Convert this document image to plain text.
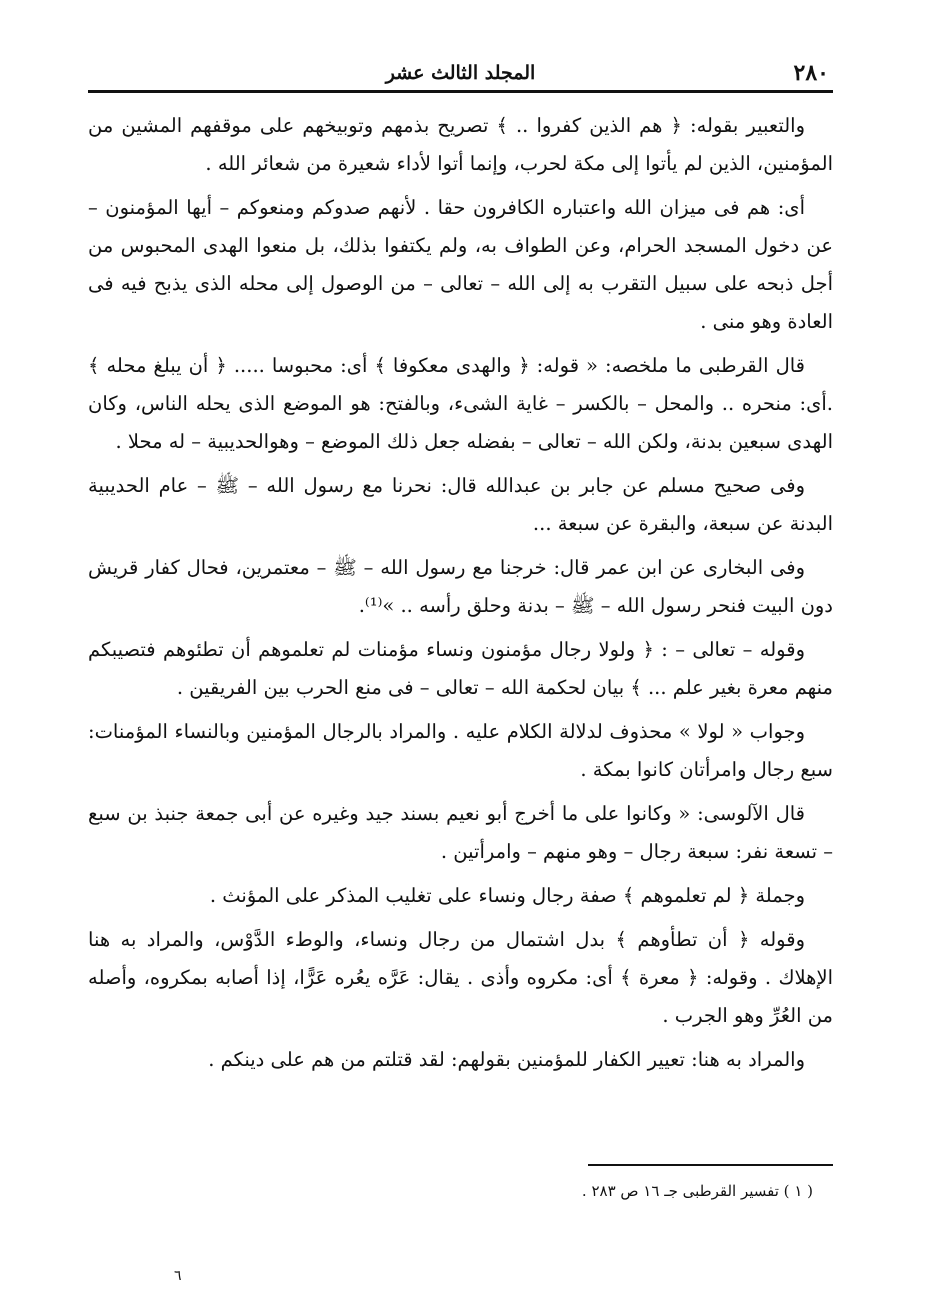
٢٨٠
المجلد الثالث عشر

والتعبير بقوله: ﴿ هم الذين كفروا .. ﴾ تصريح بذمهم وتوبيخهم على موقفهم المشين من المؤمنين، الذين لم يأتوا إلى مكة لحرب، وإنما أتوا لأداء شعيرة من شعائر الله .

أى: هم فى ميزان الله واعتباره الكافرون حقا . لأنهم صدوكم ومنعوكم – أيها المؤمنون – عن دخول المسجد الحرام، وعن الطواف به، ولم يكتفوا بذلك، بل منعوا الهدى المحبوس من أجل ذبحه على سبيل التقرب به إلى الله – تعالى – من الوصول إلى محله الذى يذبح فيه فى العادة وهو منى .

قال القرطبى ما ملخصه: « قوله: ﴿ والهدى معكوفا ﴾ أى: محبوسا ..... ﴿ أن يبلغ محله ﴾ .أى: منحره .. والمحل – بالكسر – غاية الشىء، وبالفتح: هو الموضع الذى يحله الناس، وكان الهدى سبعين بدنة، ولكن الله – تعالى – بفضله جعل ذلك الموضع – وهوالحديبية – له محلا .

وفى صحيح مسلم عن جابر بن عبدالله قال: نحرنا مع رسول الله – ﷺ – عام الحديبية البدنة عن سبعة، والبقرة عن سبعة ...

وفى البخارى عن ابن عمر قال: خرجنا مع رسول الله – ﷺ – معتمرين، فحال كفار قريش دون البيت فنحر رسول الله – ﷺ – بدنة وحلق رأسه .. »⁽¹⁾.

وقوله – تعالى – : ﴿ ولولا رجال مؤمنون ونساء مؤمنات لم تعلموهم أن تطئوهم فتصيبكم منهم معرة بغير علم ... ﴾ بيان لحكمة الله – تعالى – فى منع الحرب بين الفريقين .

وجواب « لولا » محذوف لدلالة الكلام عليه . والمراد بالرجال المؤمنين وبالنساء المؤمنات: سبع رجال وامرأتان كانوا بمكة .

قال الآلوسى: « وكانوا على ما أخرج أبو نعيم بسند جيد وغيره عن أبى جمعة جنبذ بن سبع – تسعة نفر: سبعة رجال – وهو منهم – وامرأتين .

وجملة ﴿ لم تعلموهم ﴾ صفة رجال ونساء على تغليب المذكر على المؤنث .

وقوله ﴿ أن تطأوهم ﴾ بدل اشتمال من رجال ونساء، والوطء الدَّوْس، والمراد به هنا الإهلاك . وقوله: ﴿ معرة ﴾ أى: مكروه وأذى . يقال: عَرَّه يعُره عَرًّا، إذا أصابه بمكروه، وأصله من العُرِّ وهو الجرب .

والمراد به هنا: تعيير الكفار للمؤمنين بقولهم: لقد قتلتم من هم على دينكم .

( ١ ) تفسير القرطبى جـ ١٦ ص ٢٨٣ .
٦
